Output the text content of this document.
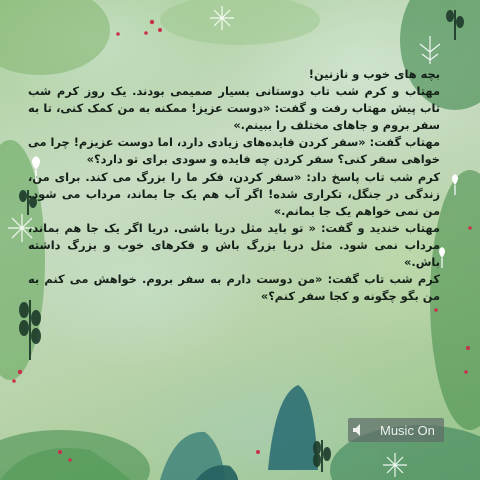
بچه های خوب و نازنین!

مهتاب و کرم شب تاب دوستانی بسیار صمیمی بودند. یک روز کرم شب تاب پیش مهتاب رفت و گفت: «دوست عزیز! ممکنه به من کمک کنی، تا به سفر بروم و جاهای مختلف را ببینم.»

مهتاب گفت: «سفر کردن فایده‌های زیادی دارد، اما دوست عزیزم! چرا می خواهی سفر کنی؟ سفر کردن چه فایده و سودی برای تو دارد؟»

کرم شب تاب پاسخ داد: «سفر کردن، فکر ما را بزرگ می کند. برای من، زندگی در جنگل، تکراری شده! اگر آب هم یک جا بماند، مرداب می شود. من نمی خواهم یک جا بمانم.»

مهتاب خندید و گفت: « تو باید مثل دریا باشی. دریا اگر یک جا هم بماند، مرداب نمی شود. مثل دریا بزرگ باش و فکرهای خوب و بزرگ داشته باش.»

کرم شب تاب گفت: «من دوست دارم به سفر بروم. خواهش می کنم به من بگو چگونه و کجا سفر کنم؟»

Music On
